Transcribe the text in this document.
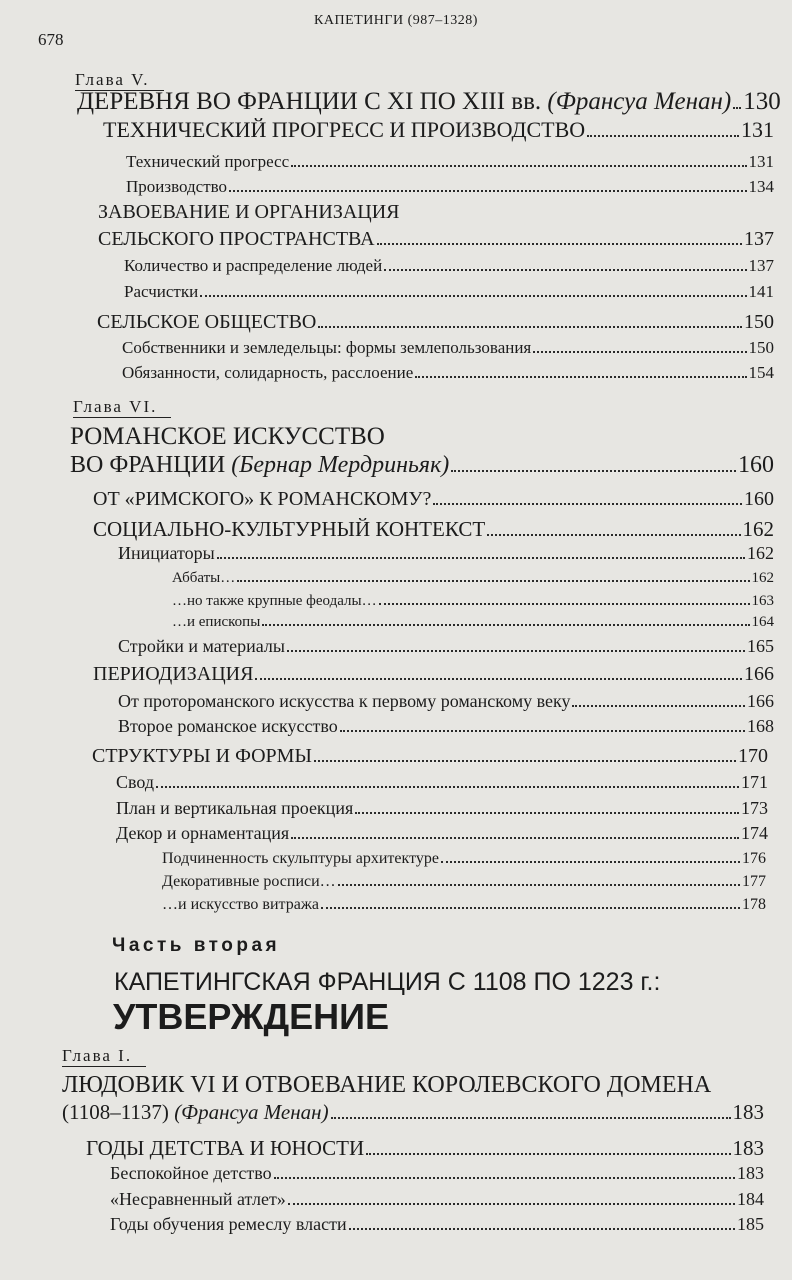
678
КАПЕТИНГИ (987–1328)
Глава V.
ДЕРЕВНЯ ВО ФРАНЦИИ С XI ПО XIII вв. (Франсуа Менан) 130
ТЕХНИЧЕСКИЙ ПРОГРЕСС И ПРОИЗВОДСТВО	131
Технический прогресс	131
Производство	134
ЗАВОЕВАНИЕ И ОРГАНИЗАЦИЯ
СЕЛЬСКОГО ПРОСТРАНСТВА	137
Количество и распределение людей	137
Расчистки	141
СЕЛЬСКОЕ ОБЩЕСТВО	150
Собственники и земледельцы: формы землепользования	150
Обязанности, солидарность, расслоение	154
Глава VI.
РОМАНСКОЕ ИСКУССТВО
ВО ФРАНЦИИ (Бернар Мердриньяк)	160
ОТ «РИМСКОГО» К РОМАНСКОМУ?	160
СОЦИАЛЬНО-КУЛЬТУРНЫЙ КОНТЕКСТ	162
Инициаторы	162
Аббаты…	162
…но также крупные феодалы…	163
…и епископы	164
Стройки и материалы	165
ПЕРИОДИЗАЦИЯ	166
От протороманского искусства к первому романскому веку	166
Второе романское искусство	168
СТРУКТУРЫ И ФОРМЫ	170
Свод	171
План и вертикальная проекция	173
Декор и орнаментация	174
Подчиненность скульптуры архитектуре	176
Декоративные росписи…	177
…и искусство витража	178
Часть вторая
КАПЕТИНГСКАЯ ФРАНЦИЯ С 1108 ПО 1223 г.:
УТВЕРЖДЕНИЕ
Глава I.
ЛЮДОВИК VI И ОТВОЕВАНИЕ КОРОЛЕВСКОГО ДОМЕНА
(1108–1137) (Франсуа Менан)	183
ГОДЫ ДЕТСТВА И ЮНОСТИ	183
Беспокойное детство	183
«Несравненный атлет»	184
Годы обучения ремеслу власти	185
